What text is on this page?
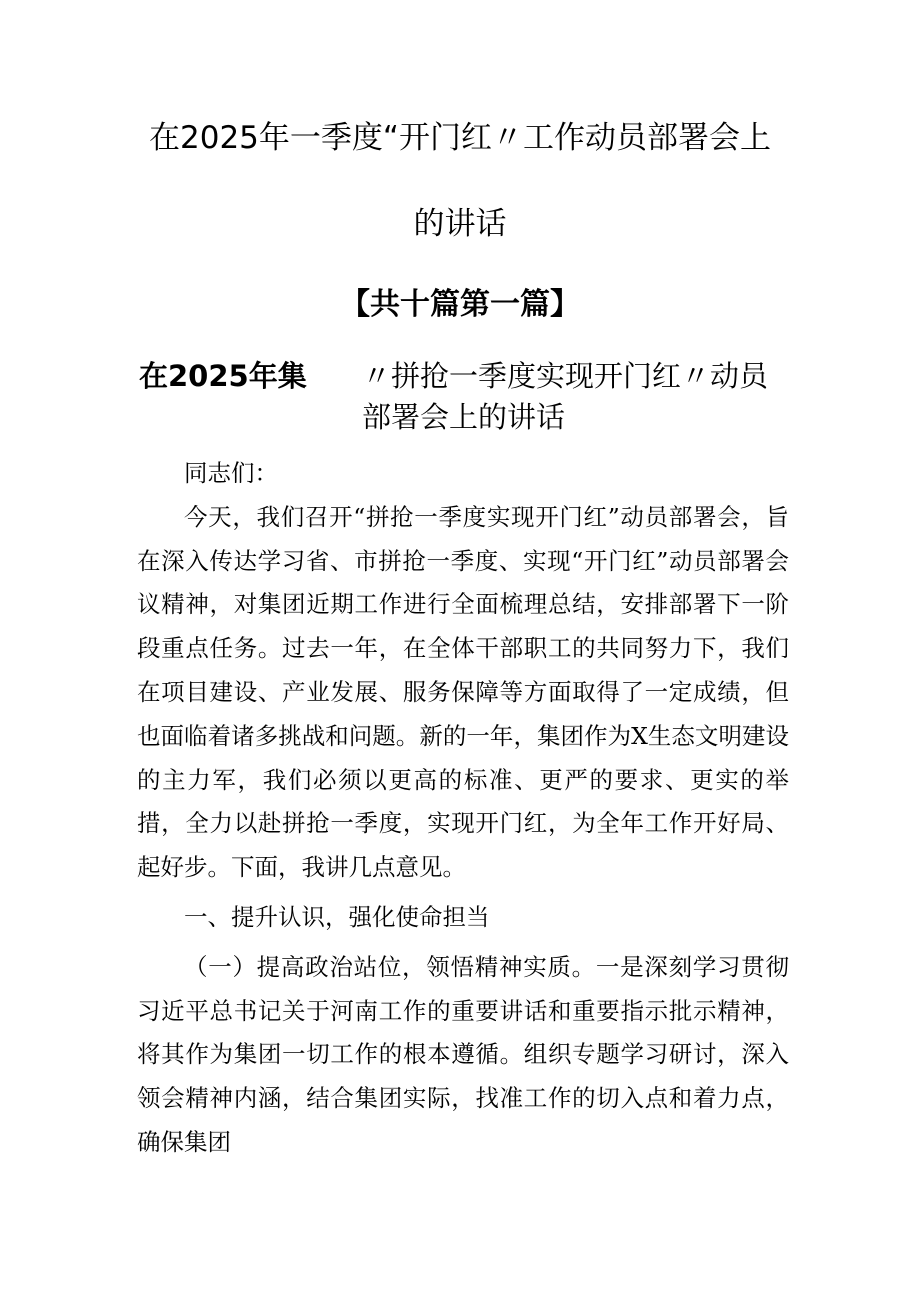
在2025年一季度“开门红〃工作动员部署会上
的讲话
【共十篇第一篇】
在2025年集 〃拼抢一季度实现开门红〃动员
部署会上的讲话

同志们：

今天，我们召开“拼抢一季度实现开门红”动员部署会，旨在深入传达学习省、市拼抢一季度、实现“开门红”动员部署会议精神，对集团近期工作进行全面梳理总结，安排部署下一阶段重点任务。过去一年，在全体干部职工的共同努力下，我们在项目建设、产业发展、服务保障等方面取得了一定成绩，但也面临着诸多挑战和问题。新的一年，集团作为X生态文明建设的主力军，我们必须以更高的标准、更严的要求、更实的举措，全力以赴拼抢一季度，实现开门红，为全年工作开好局、起好步。下面，我讲几点意见。

一、提升认识，强化使命担当

（一）提高政治站位，领悟精神实质。一是深刻学习贯彻习近平总书记关于河南工作的重要讲话和重要指示批示精神，将其作为集团一切工作的根本遵循。组织专题学习研讨，深入领会精神内涵，结合集团实际，找准工作的切入点和着力点，确保集团
